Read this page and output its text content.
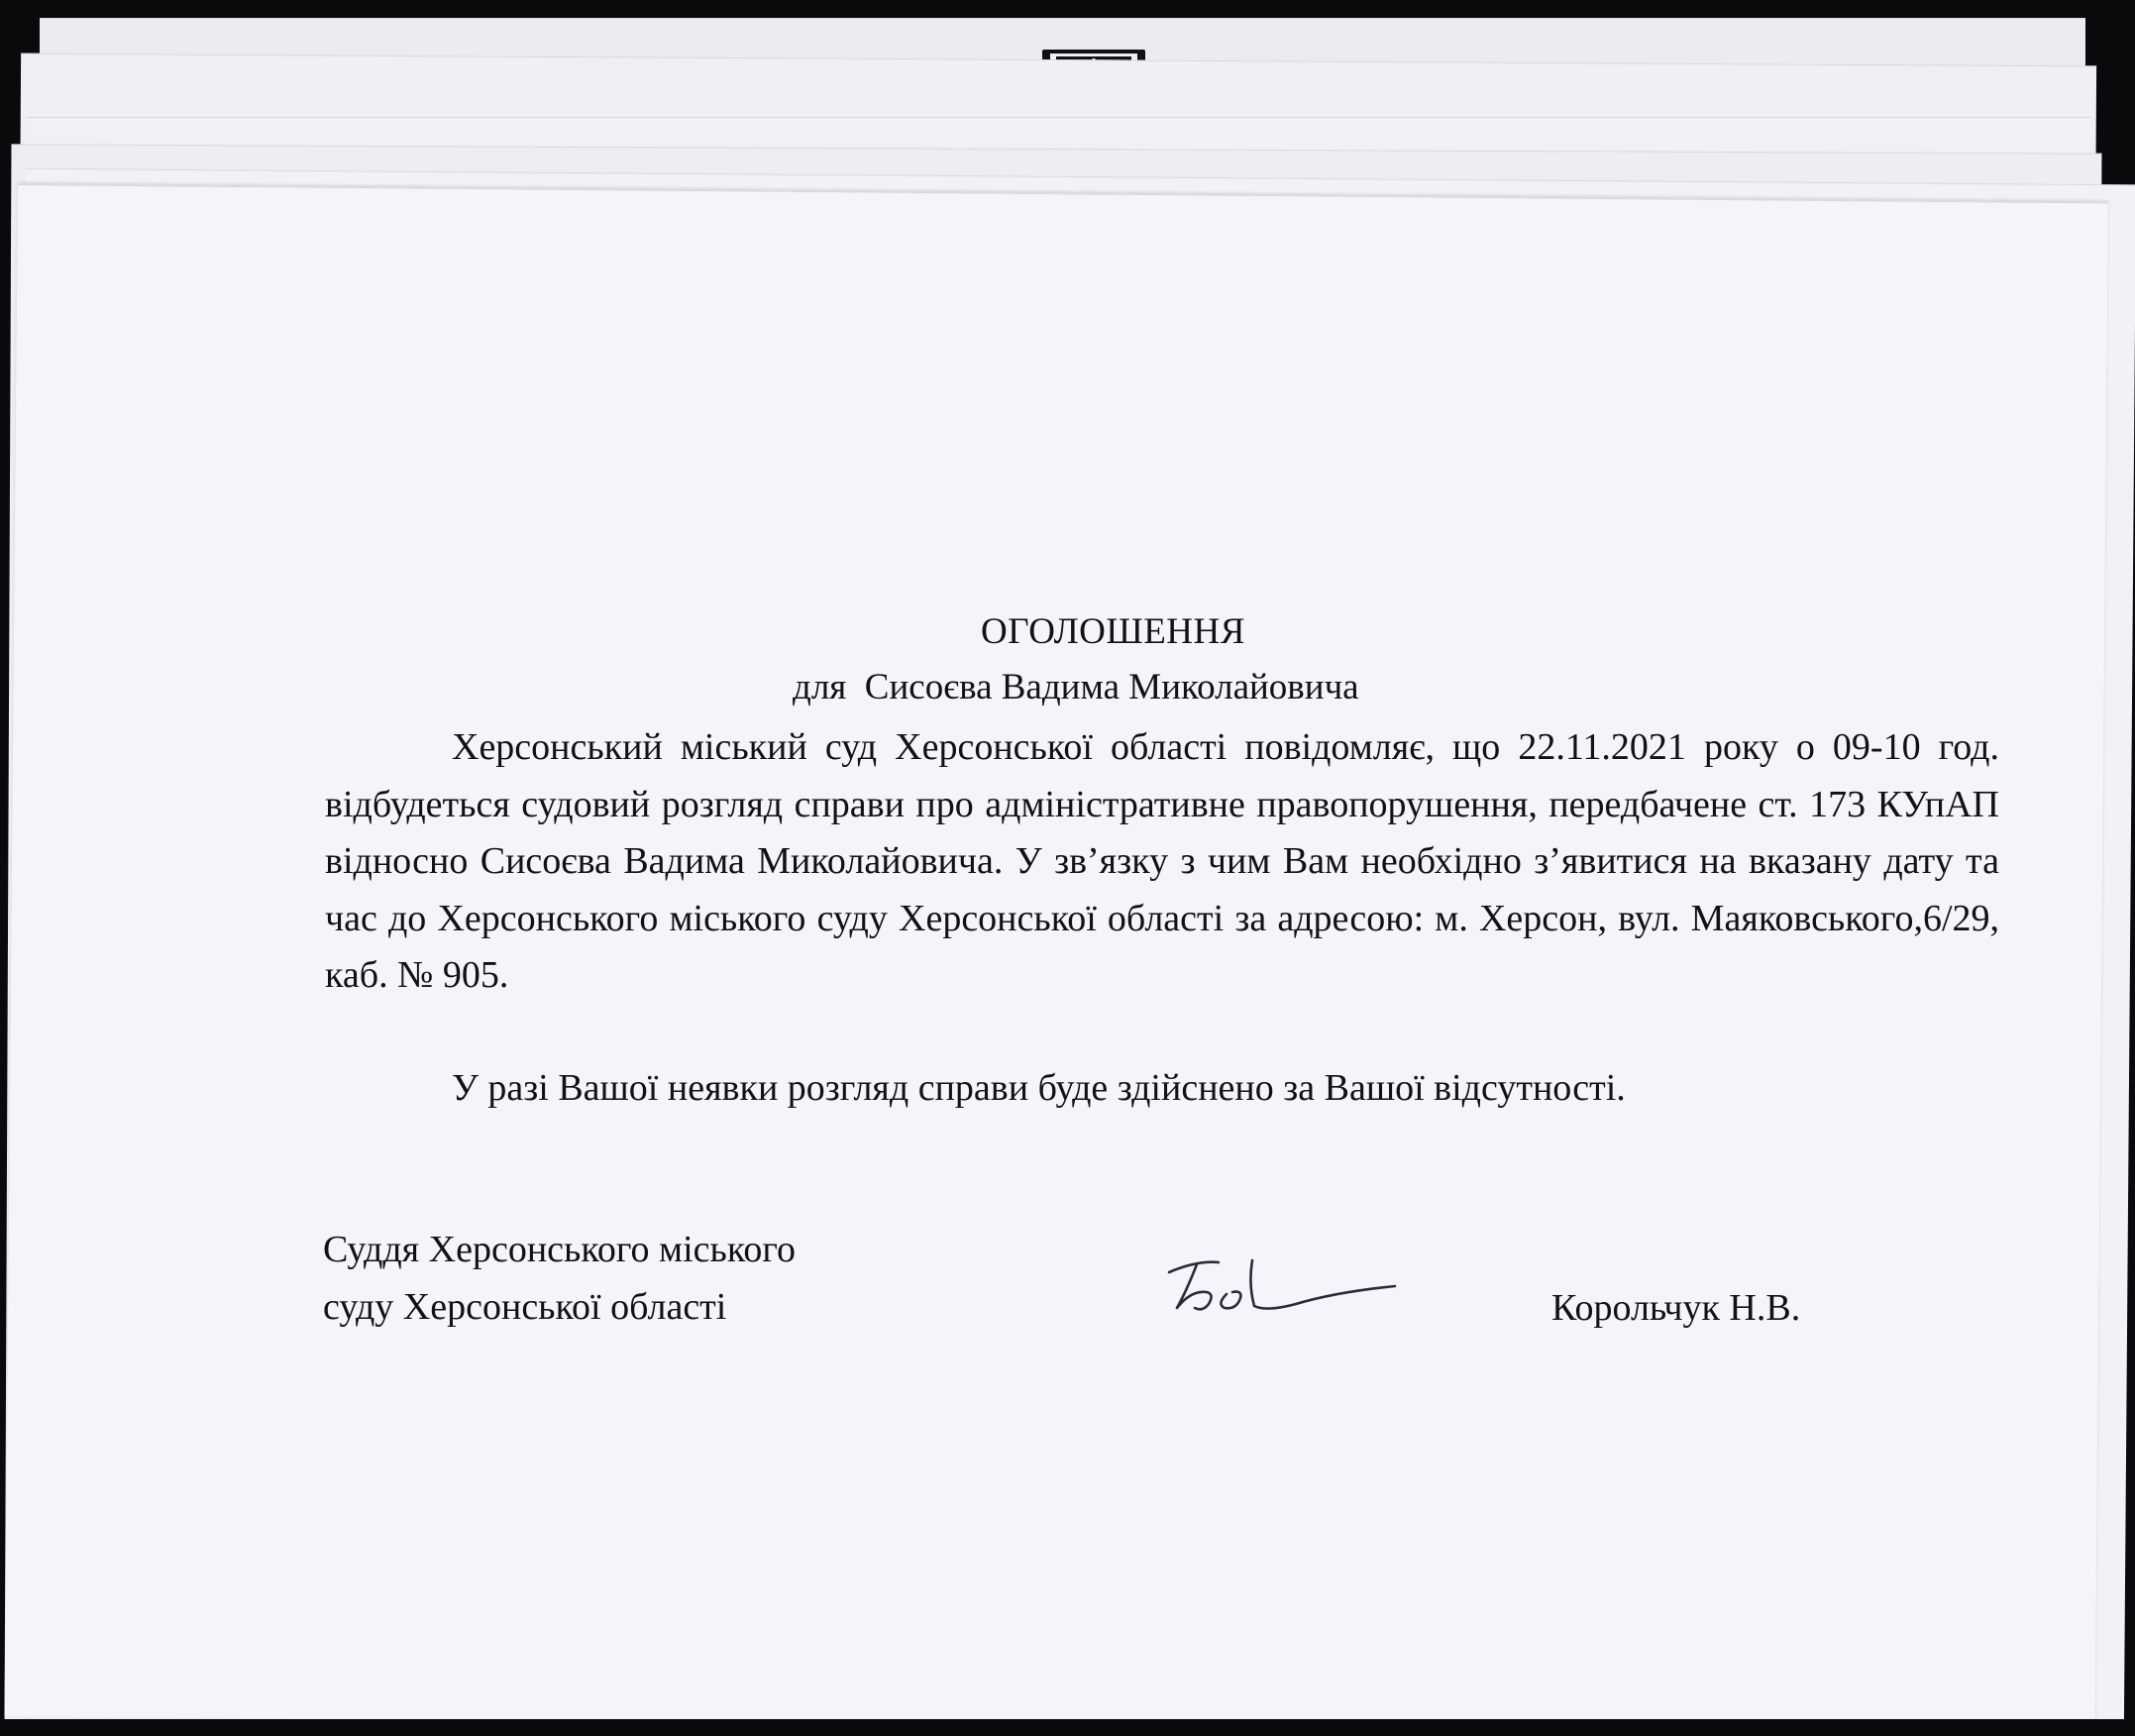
ОГОЛОШЕННЯ
для  Сисоєва Вадима Миколайовича

Херсонський міський суд Херсонської області повідомляє, що 22.11.2021 року о 09-10 год. відбудеться судовий розгляд справи про адміністративне правопорушення, передбачене ст. 173 КУпАП відносно Сисоєва Вадима Миколайовича. У зв’язку з чим Вам необхідно з’явитися на вказану дату та час до Херсонського міського суду Херсонської області за адресою: м. Херсон, вул. Маяковського,6/29, каб. № 905.

У разі Вашої неявки розгляд справи буде здійснено за Вашої відсутності.

Суддя Херсонського міського
суду Херсонської області	Корольчук Н.В.
